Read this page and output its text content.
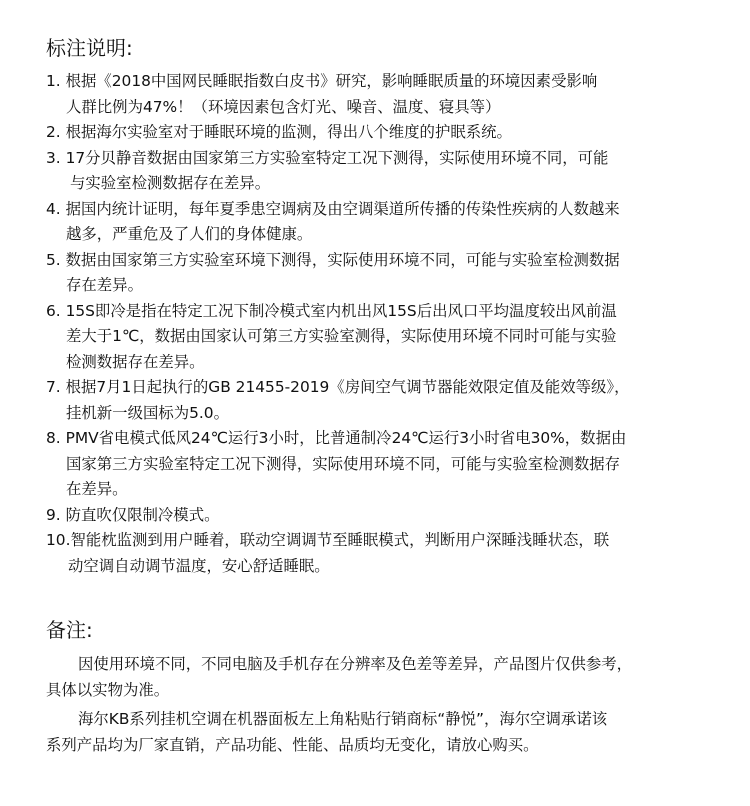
标注说明:
1. 根据《2018中国网民睡眠指数白皮书》研究，影响睡眠质量的环境因素受影响
人群比例为47%！（环境因素包含灯光、噪音、温度、寝具等）
2. 根据海尔实验室对于睡眠环境的监测，得出八个维度的护眠系统。
3. 17分贝静音数据由国家第三方实验室特定工况下测得，实际使用环境不同，可能
与实验室检测数据存在差异。
4. 据国内统计证明，每年夏季患空调病及由空调渠道所传播的传染性疾病的人数越来
越多，严重危及了人们的身体健康。
5. 数据由国家第三方实验室环境下测得，实际使用环境不同，可能与实验室检测数据
存在差异。
6. 15S即冷是指在特定工况下制冷模式室内机出风15S后出风口平均温度较出风前温
差大于1℃，数据由国家认可第三方实验室测得，实际使用环境不同时可能与实验
检测数据存在差异。
7. 根据7月1日起执行的GB 21455-2019《房间空气调节器能效限定值及能效等级》，
挂机新一级国标为5.0。
8. PMV省电模式低风24℃运行3小时，比普通制冷24℃运行3小时省电30%，数据由
国家第三方实验室特定工况下测得，实际使用环境不同，可能与实验室检测数据存
在差异。
9. 防直吹仅限制冷模式。
10.智能枕监测到用户睡着，联动空调调节至睡眠模式，判断用户深睡浅睡状态，联
动空调自动调节温度，安心舒适睡眠。
备注:

因使用环境不同，不同电脑及手机存在分辨率及色差等差异，产品图片仅供参考，
具体以实物为准。

海尔KB系列挂机空调在机器面板左上角粘贴行销商标“静悦”，海尔空调承诺该
系列产品均为厂家直销，产品功能、性能、品质均无变化，请放心购买。
